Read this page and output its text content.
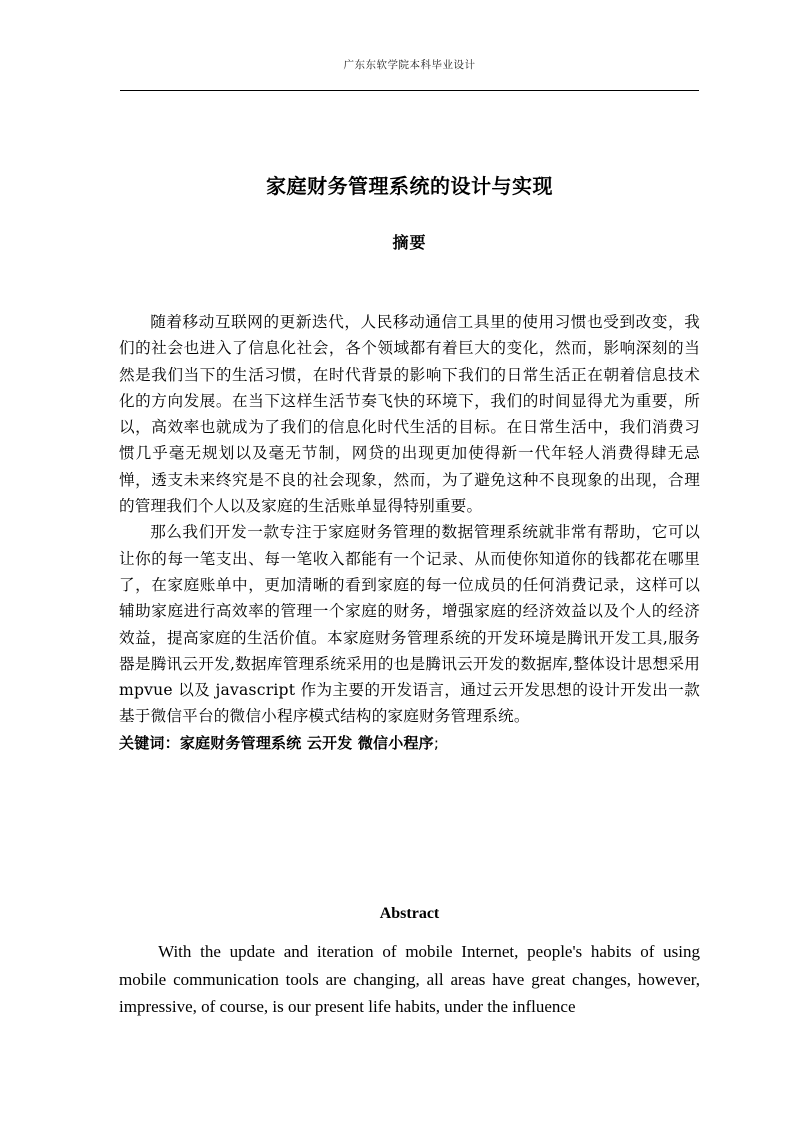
广东东软学院本科毕业设计
家庭财务管理系统的设计与实现
摘要

随着移动互联网的更新迭代，人民移动通信工具里的使用习惯也受到改变，我们的社会也进入了信息化社会，各个领域都有着巨大的变化，然而，影响深刻的当然是我们当下的生活习惯，在时代背景的影响下我们的日常生活正在朝着信息技术化的方向发展。在当下这样生活节奏飞快的环境下，我们的时间显得尤为重要，所以，高效率也就成为了我们的信息化时代生活的目标。在日常生活中，我们消费习惯几乎毫无规划以及毫无节制，网贷的出现更加使得新一代年轻人消费得肆无忌惮，透支未来终究是不良的社会现象，然而，为了避免这种不良现象的出现，合理的管理我们个人以及家庭的生活账单显得特别重要。

那么我们开发一款专注于家庭财务管理的数据管理系统就非常有帮助，它可以让你的每一笔支出、每一笔收入都能有一个记录、从而使你知道你的钱都花在哪里了，在家庭账单中，更加清晰的看到家庭的每一位成员的任何消费记录，这样可以辅助家庭进行高效率的管理一个家庭的财务，增强家庭的经济效益以及个人的经济效益，提高家庭的生活价值。本家庭财务管理系统的开发环境是腾讯开发工具,服务器是腾讯云开发,数据库管理系统采用的也是腾讯云开发的数据库,整体设计思想采用 mpvue 以及 javascript 作为主要的开发语言，通过云开发思想的设计开发出一款基于微信平台的微信小程序模式结构的家庭财务管理系统。

关键词：家庭财务管理系统 云开发 微信小程序;
Abstract

With the update and iteration of mobile Internet, people's habits of using mobile communication tools are changing, all areas have great changes, however, impressive, of course, is our present life habits, under the influence
